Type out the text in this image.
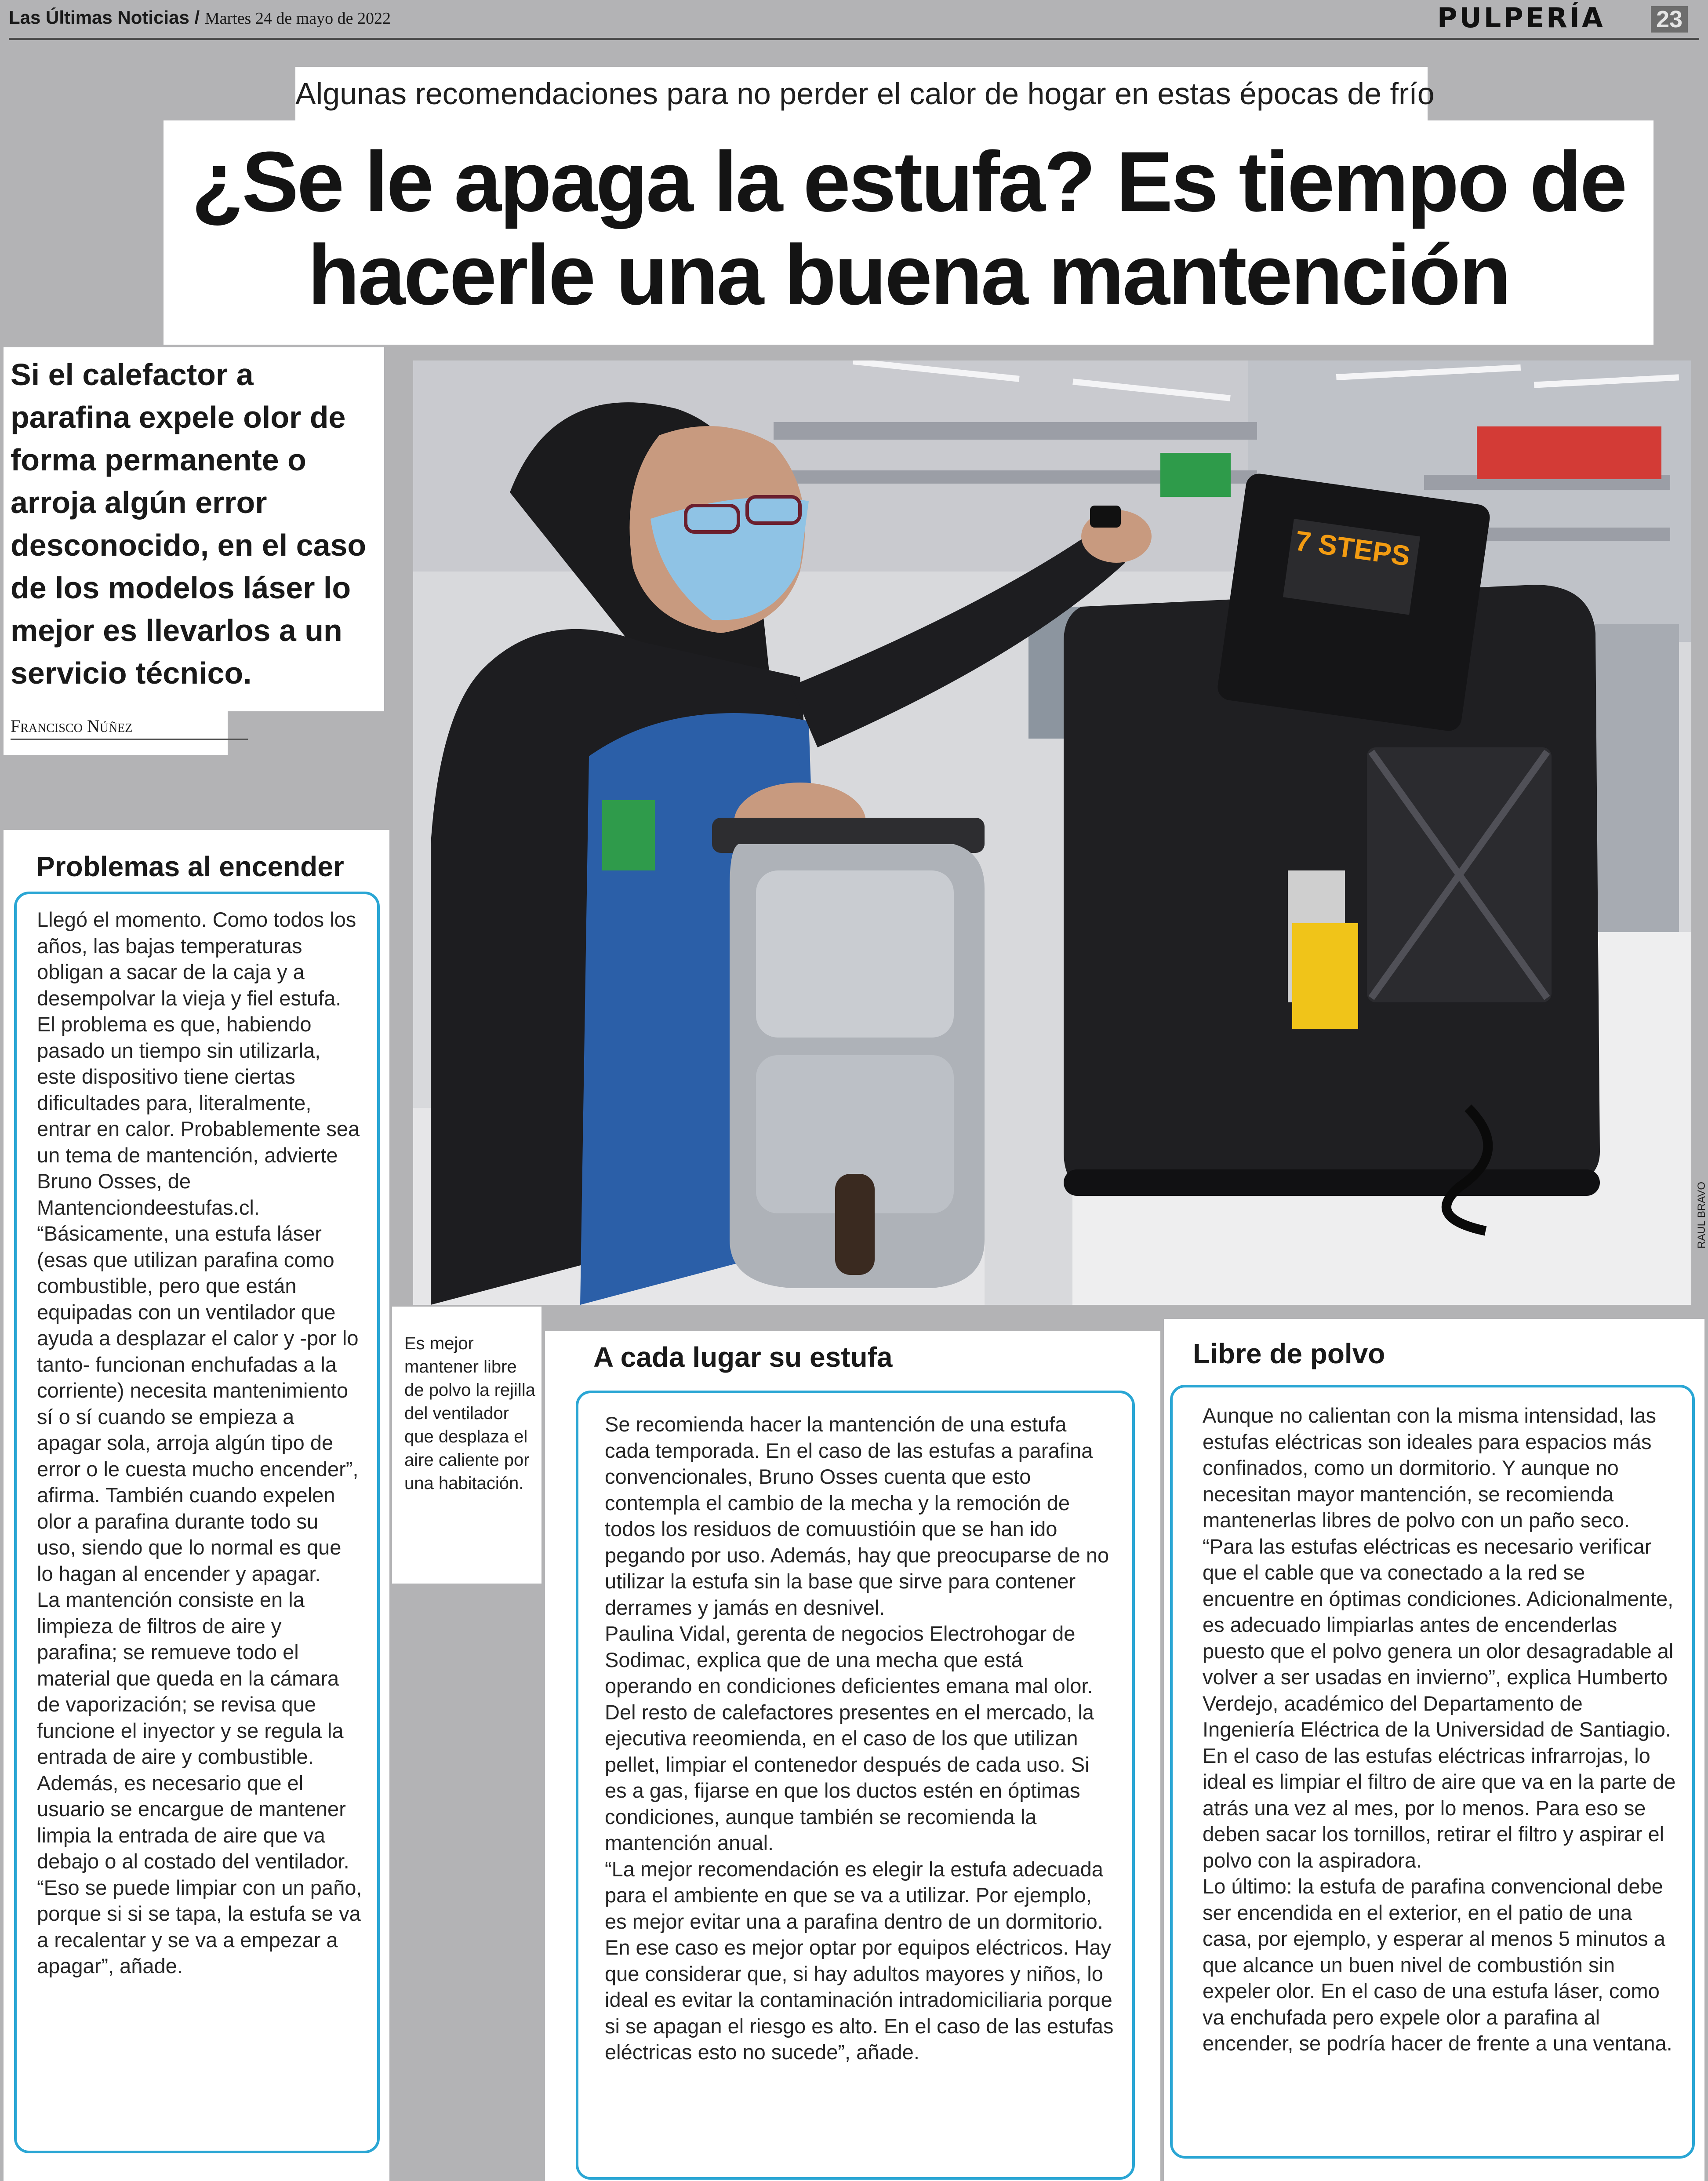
Las Últimas Noticias / Martes 24 de mayo de 2022	PULPERÍA 23
Algunas recomendaciones para no perder el calor de hogar en estas épocas de frío
¿Se le apaga la estufa? Es tiempo de hacerle una buena mantención
Si el calefactor a parafina expele olor de forma permanente o arroja algún error desconocido, en el caso de los modelos láser lo mejor es llevarlos a un servicio técnico.
Francisco Núñez
7 STEPS
RAUL BRAVO
Es mejor mantener libre de polvo la rejilla del ventilador que desplaza el aire caliente por una habitación.
Problemas al encender
Llegó el momento. Como todos los años, las bajas temperaturas obligan a sacar de la caja y a desempolvar la vieja y fiel estufa. El problema es que, habiendo pasado un tiempo sin utilizarla, este dispositivo tiene ciertas dificultades para, literalmente, entrar en calor. Probablemente sea un tema de mantención, advierte Bruno Osses, de Mantenciondeestufas.cl.
“Básicamente, una estufa láser (esas que utilizan parafina como combustible, pero que están equipadas con un ventilador que ayuda a desplazar el calor y -por lo tanto- funcionan enchufadas a la corriente) necesita mantenimiento sí o sí cuando se empieza a apagar sola, arroja algún tipo de error o le cuesta mucho encender”, afirma. También cuando expelen olor a parafina durante todo su uso, siendo que lo normal es que lo hagan al encender y apagar.
La mantención consiste en la limpieza de filtros de aire y parafina; se remueve todo el material que queda en la cámara de vaporización; se revisa que funcione el inyector y se regula la entrada de aire y combustible. Además, es necesario que el usuario se encargue de mantener limpia la entrada de aire que va debajo o al costado del ventilador. “Eso se puede limpiar con un paño, porque si si se tapa, la estufa se va a recalentar y se va a empezar a apagar”, añade.
A cada lugar su estufa
Se recomienda hacer la mantención de una estufa cada temporada. En el caso de las estufas a parafina convencionales, Bruno Osses cuenta que esto contempla el cambio de la mecha y la remoción de todos los residuos de comuustióin que se han ido pegando por uso. Además, hay que preocuparse de no utilizar la estufa sin la base que sirve para contener derrames y jamás en desnivel.
Paulina Vidal, gerenta de negocios Electrohogar de Sodimac, explica que de una mecha que está operando en condiciones deficientes emana mal olor. Del resto de calefactores presentes en el mercado, la ejecutiva reeomienda, en el caso de los que utilizan pellet, limpiar el contenedor después de cada uso. Si es a gas, fijarse en que los ductos estén en óptimas condiciones, aunque también se recomienda la mantención anual.
“La mejor recomendación es elegir la estufa adecuada para el ambiente en que se va a utilizar. Por ejemplo, es mejor evitar una a parafina dentro de un dormitorio. En ese caso es mejor optar por equipos eléctricos. Hay que considerar que, si hay adultos mayores y niños, lo ideal es evitar la contaminación intradomiciliaria porque si se apagan el riesgo es alto. En el caso de las estufas eléctricas esto no sucede”, añade.
Libre de polvo
Aunque no calientan con la misma intensidad, las estufas eléctricas son ideales para espacios más confinados, como un dormitorio. Y aunque no necesitan mayor mantención, se recomienda mantenerlas libres de polvo con un paño seco.
“Para las estufas eléctricas es necesario verificar que el cable que va conectado a la red se encuentre en óptimas condiciones. Adicionalmente, es adecuado limpiarlas antes de encenderlas puesto que el polvo genera un olor desagradable al volver a ser usadas en invierno”, explica Humberto Verdejo, académico del Departamento de Ingeniería Eléctrica de la Universidad de Santiagio.
En el caso de las estufas eléctricas infrarrojas, lo ideal es limpiar el filtro de aire que va en la parte de atrás una vez al mes, por lo menos. Para eso se deben sacar los tornillos, retirar el filtro y aspirar el polvo con la aspiradora.
Lo último: la estufa de parafina convencional debe ser encendida en el exterior, en el patio de una casa, por ejemplo, y esperar al menos 5 minutos a que alcance un buen nivel de combustión sin expeler olor. En el caso de una estufa láser, como va enchufada pero expele olor a parafina al encender, se podría hacer de frente a una ventana.
